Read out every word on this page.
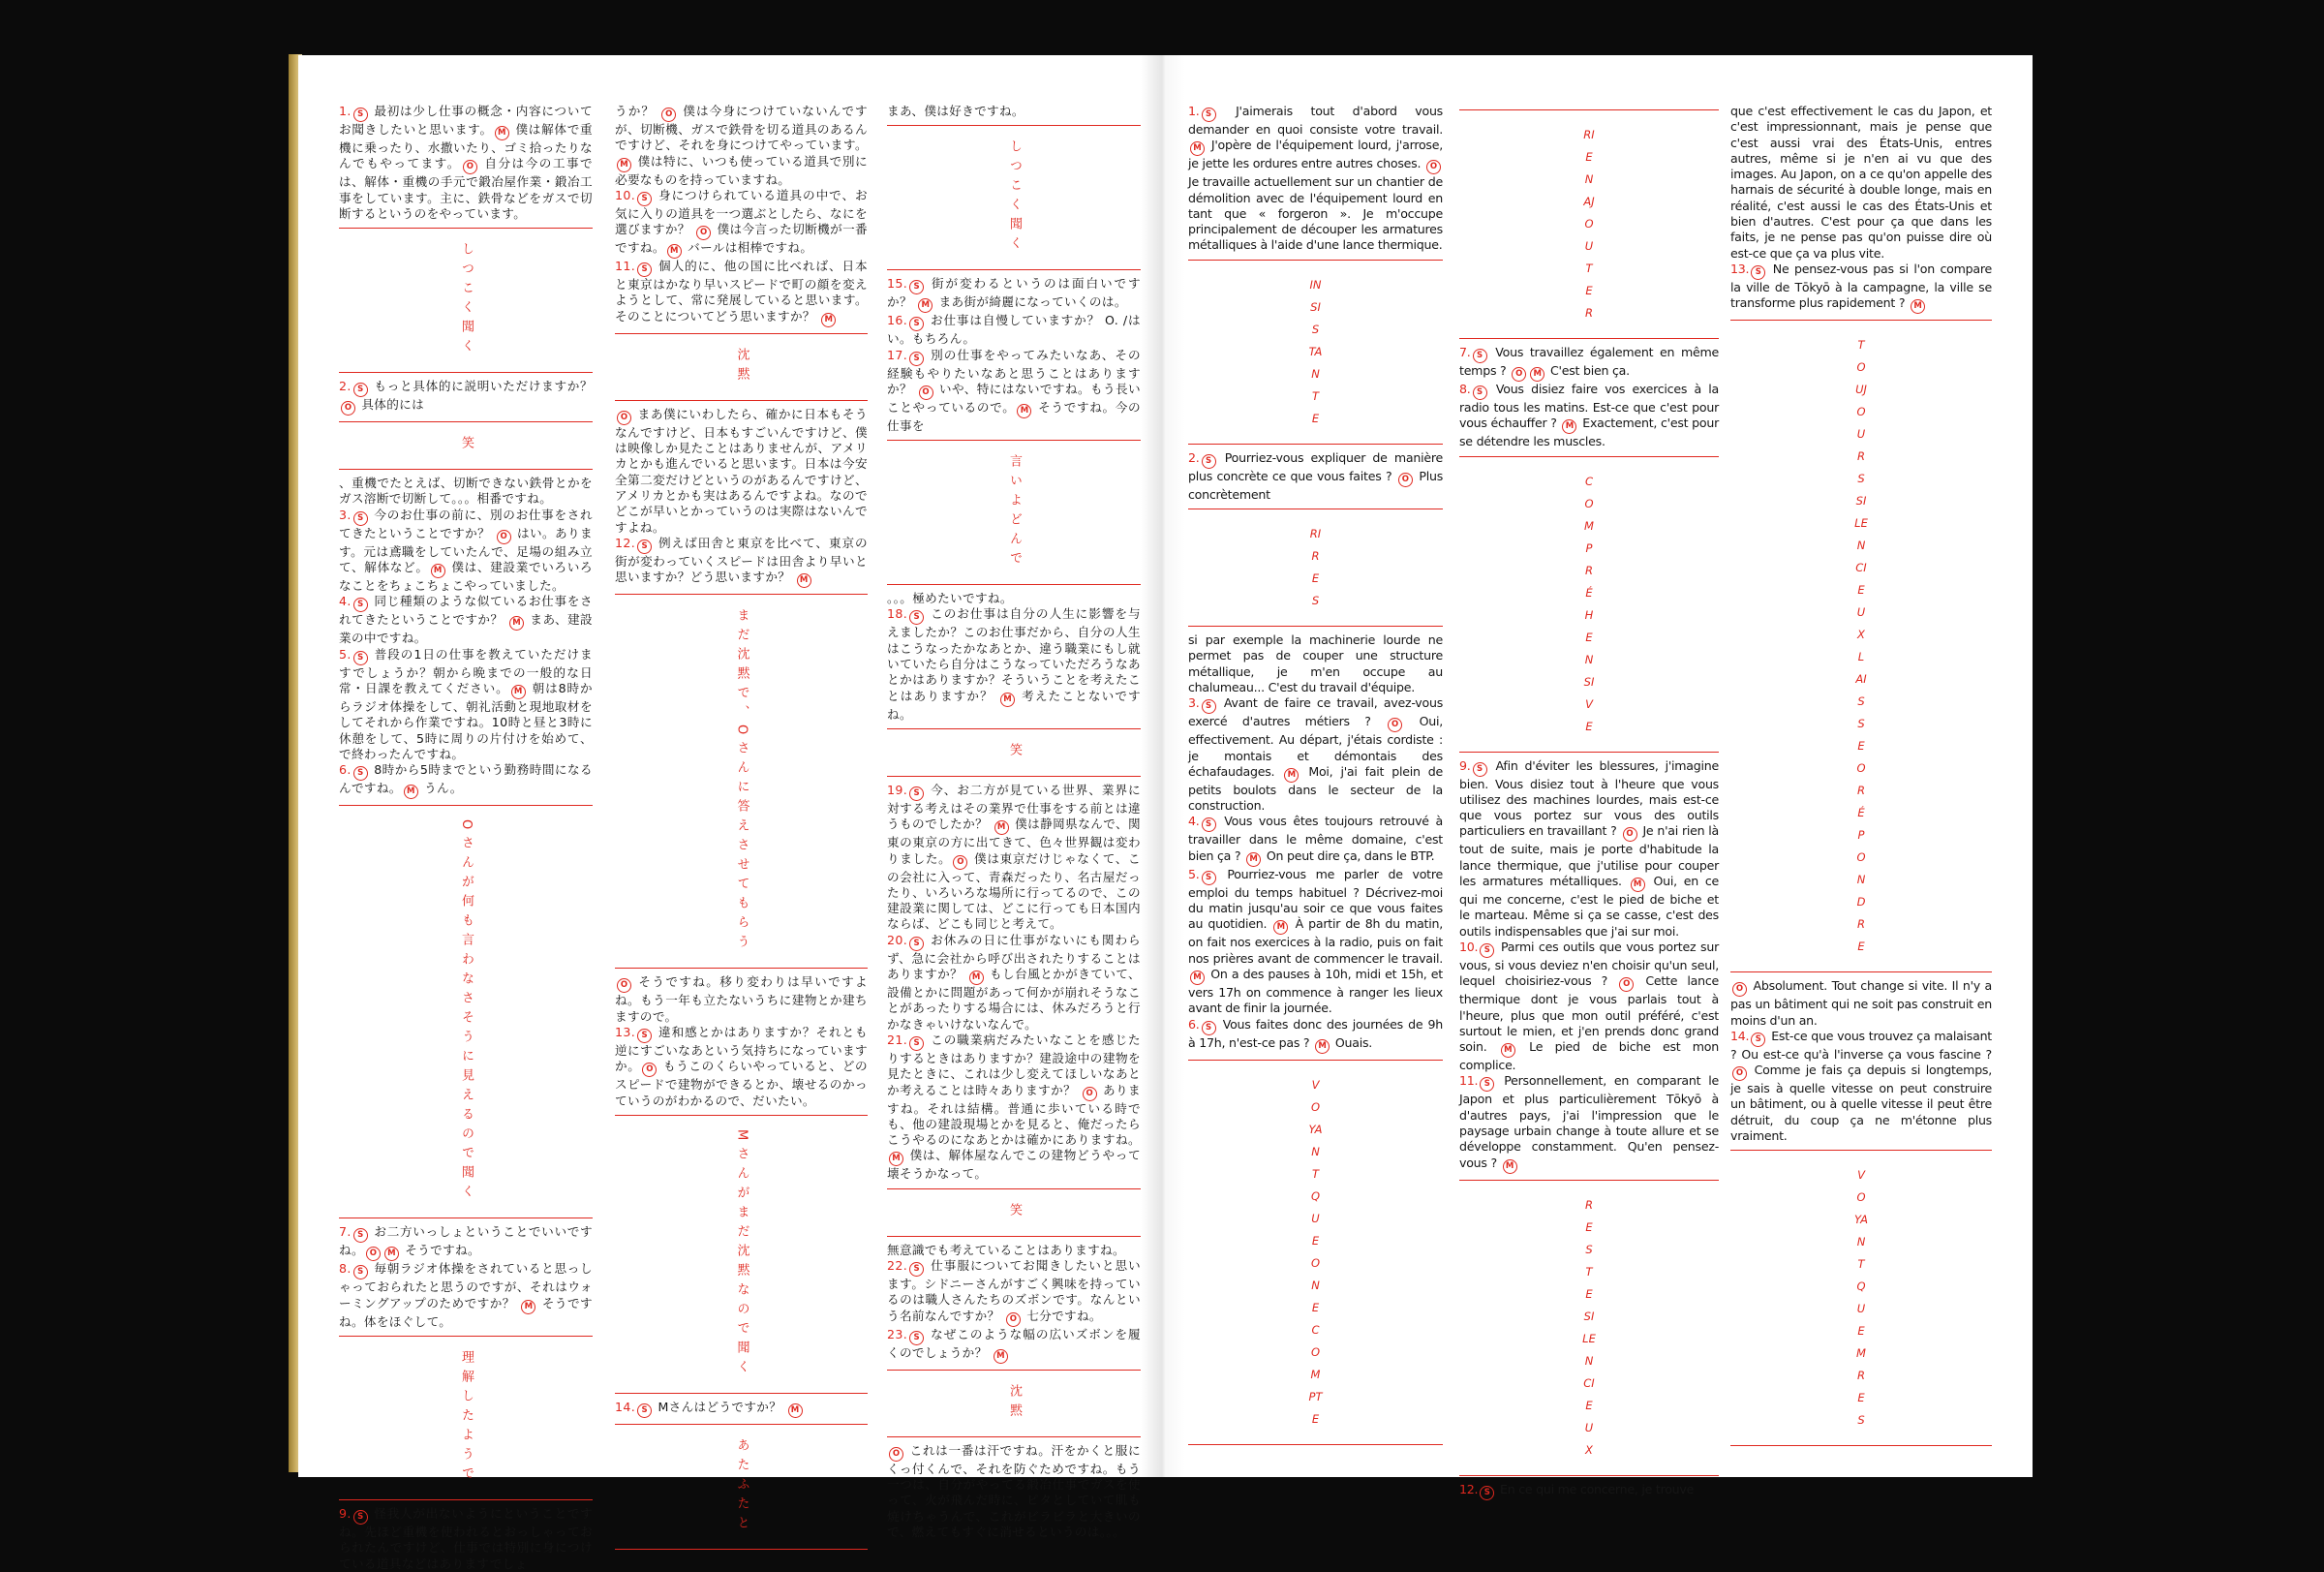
1. S 最初は少し仕事の概念・内容についてお聞きしたいと思います。 M 僕は解体で重機に乗ったり、水撒いたり、ゴミ拾ったりなんでもやってます。 O 自分は今の工事では、解体・重機の手元で鍛冶屋作業・鍛冶工事をしています。主に、鉄骨などをガスで切断するというのをやっています。

しつこく聞く

2. S もっと具体的に説明いただけますか？ O 具体的には

笑

、重機でたとえば、切断できない鉄骨とかをガス溶断で切断して。。。相番ですね。

3. S 今のお仕事の前に、別のお仕事をされてきたということですか？ O はい。あります。元は鳶職をしていたんで、足場の組み立て、解体など。 M 僕は、建設業でいろいろなことをちょこちょこやっていました。

4. S 同じ種類のような似ているお仕事をされてきたということですか？ M まあ、建設業の中ですね。

5. S 普段の1日の仕事を教えていただけますでしょうか？朝から晩までの一般的な日常・日課を教えてください。 M 朝は8時からラジオ体操をして、朝礼活動と現地取材をしてそれから作業ですね。10時と昼と3時に休憩をして、5時に周りの片付けを始めて、で終わったんですね。

6. S 8時から5時までという勤務時間になるんですね。 M うん。

Oさんが何も言わなさそうに見えるので聞く

7. S お二方いっしょということでいいですね。 O M そうですね。

8. S 毎朝ラジオ体操をされていると思っしゃっておられたと思うのですが、それはウォーミングアップのためですか？ M そうですね。体をほぐして。

理解したようで

9. S 怪我人が出ないようにということですね。先ほど重機を使われるとおっしゃっておられたんですけど、仕事では特別に身につけている道具などはありますでしょ

うか？ O 僕は今身につけていないんですが、切断機、ガスで鉄骨を切る道具のあるんですけど、それを身につけてやっています。M 僕は特に、いつも使っている道具で別に必要なものを持っていますね。

10. S 身につけられている道具の中で、お気に入りの道具を一つ選ぶとしたら、なにを選びますか？ O 僕は今言った切断機が一番ですね。 M バールは相棒ですね。

11. S 個人的に、他の国に比べれば、日本と東京はかなり早いスピードで町の顔を変えようとして、常に発展していると思います。そのことについてどう思いますか？ M

沈黙

O まあ僕にいわしたら、確かに日本もそうなんですけど、日本もすごいんですけど、僕は映像しか見たことはありませんが、アメリカとかも進んでいると思います。日本は今安全第二変だけどというのがあるんですけど、アメリカとかも実はあるんですよね。なのでどこが早いとかっていうのは実際はないんですよね。

12. S 例えば田舎と東京を比べて、東京の街が変わっていくスピードは田舎より早いと思いますか？どう思いますか？ M

まだ沈黙で、Oさんに答えさせてもらう

O そうですね。移り変わりは早いですよね。もう一年も立たないうちに建物とか建ちますので。

13. S 違和感とかはありますか？それとも逆にすごいなあという気持ちになっていますか。 O もうこのくらいやっていると、どのスピードで建物ができるとか、壊せるのかっていうのがわかるので、だいたい。

Mさんがまだ沈黙なので聞く

14. S Mさんはどうですか？ M

あたふたと

まあ、僕は好きですね。

しつこく聞く

15. S 街が変わるというのは面白いですか？ M まあ街が綺麗になっていくのは。

16. S お仕事は自慢していますか？ O. /はい。もちろん。

17. S 別の仕事をやってみたいなあ、その経験もやりたいなあと思うことはありますか？ O いや、特にはないですね。もう長いことやっているので。 M そうですね。今の仕事を

言いよどんで

。。。極めたいですね。

18. S このお仕事は自分の人生に影響を与えましたか？このお仕事だから、自分の人生はこうなったかなあとか、違う職業にもし就いていたら自分はこうなっていただろうなあとかはありますか？そういうことを考えたことはありますか？ M 考えたことないですね。

笑

19. S 今、お二方が見ている世界、業界に対する考えはその業界で仕事をする前とは違うものでしたか？ M 僕は静岡県なんで、関東の東京の方に出てきて、色々世界観は変わりました。 O 僕は東京だけじゃなくて、この会社に入って、青森だったり、名古屋だったり、いろいろな場所に行ってるので、この建設業に関しては、どこに行っても日本国内ならば、どこも同じと考えて。

20. S お休みの日に仕事がないにも関わらず、急に会社から呼び出されたりすることはありますか？ M もし台風とかがきていて、設備とかに問題があって何かが崩れそうなことがあったりする場合には、休みだろうと行かなきゃいけないなんで。

21. S この職業病だみたいなことを感じたりするときはありますか？建設途中の建物を見たときに、これは少し変えてほしいなあとか考えることは時々ありますか？ O ありますね。それは結構。普通に歩いている時でも、他の建設現場とかを見ると、俺だったらこうやるのになあとかは確かにありますね。M 僕は、解体屋なんでこの建物どうやって壊そうかなって。

笑

無意識でも考えていることはありますね。

22. S 仕事服についてお聞きしたいと思います。シドニーさんがすごく興味を持っているのは職人さんたちのズボンです。なんという名前なんですか？ O 七分ですね。

23. S なぜこのような幅の広いズボンを履くのでしょうか？ M

沈黙

O これは一番は汗ですね。汗をかくと服にくっ付くんで、それを防ぐためですね。もう一つは、自分がやってる鍛冶仕事でガスを使って、火が飛んだ時に、ピタとしていて肌も焼けちゃうんで、これがビラビラと大きいので、燃えてもすぐに消せるというのは。。。

1. S J'aimerais tout d'abord vous demander en quoi consiste votre travail. M J'opère de l'équipement lourd, j'arrose, je jette les ordures entre autres choses. O Je travaille actuellement sur un chantier de démolition avec de l'équipement lourd en tant que « forgeron ». Je m'occupe principalement de découper les armatures métalliques à l'aide d'une lance thermique.

INSISTANTE

2. S Pourriez-vous expliquer de manière plus concrète ce que vous faites ? O Plus concrètement

RIRES

si par exemple la machinerie lourde ne permet pas de couper une structure métallique, je m'en occupe au chalumeau... C'est du travail d'équipe.

3. S Avant de faire ce travail, avez-vous exercé d'autres métiers ? O Oui, effectivement. Au départ, j'étais cordiste : je montais et démontais des échafaudages. M Moi, j'ai fait plein de petits boulots dans le secteur de la construction.

4. S Vous vous êtes toujours retrouvé à travailler dans le même domaine, c'est bien ça ? M On peut dire ça, dans le BTP.

5. S Pourriez-vous me parler de votre emploi du temps habituel ? Décrivez-moi du matin jusqu'au soir ce que vous faites au quotidien. M À partir de 8h du matin, on fait nos exercices à la radio, puis on fait nos prières avant de commencer le travail. M On a des pauses à 10h, midi et 15h, et vers 17h on commence à ranger les lieux avant de finir la journée.

6. S Vous faites donc des journées de 9h à 17h, n'est-ce pas ? M Ouais.

VOYANT QUE O NE COMPTE
RIEN AJOUTER

7. S Vous travaillez également en même temps ? O M C'est bien ça.

8. S Vous disiez faire vos exercices à la radio tous les matins. Est-ce que c'est pour vous échauffer ? M Exactement, c'est pour se détendre les muscles.

COMPRÉHENSIVE

9. S Afin d'éviter les blessures, j'imagine bien. Vous disiez tout à l'heure que vous utilisez des machines lourdes, mais est-ce que vous portez sur vous des outils particuliers en travaillant ? O Je n'ai rien là tout de suite, mais je porte d'habitude la lance thermique, que j'utilise pour couper les armatures métalliques. M Oui, en ce qui me concerne, c'est le pied de biche et le marteau. Même si ça se casse, c'est des outils indispensables que j'ai sur moi.

10. S Parmi ces outils que vous portez sur vous, si vous deviez n'en choisir qu'un seul, lequel choisiriez-vous ? O Cette lance thermique dont je vous parlais tout à l'heure, plus que mon outil préféré, c'est surtout le mien, et j'en prends donc grand soin. M Le pied de biche est mon complice.

11. S Personnellement, en comparant le Japon et plus particulièrement Tōkyō à d'autres pays, j'ai l'impression que le paysage urbain change à toute allure et se développe constamment. Qu'en pensez-vous ? M

RESTE SILENCIEUX

12. S En ce qui me concerne, je trouve

que c'est effectivement le cas du Japon, et c'est impressionnant, mais je pense que c'est aussi vrai des États-Unis, entres autres, même si je n'en ai vu que des images. Au Japon, on a ce qu'on appelle des harnais de sécurité à double longe, mais en réalité, c'est aussi le cas des États-Unis et bien d'autres. C'est pour ça que dans les faits, je ne pense pas qu'on puisse dire où est-ce que ça va plus vite.

13. S Ne pensez-vous pas si l'on compare la ville de Tōkyō à la campagne, la ville se transforme plus rapidement ? M

TOUJOURS SILENCIEUX LAISSE O RÉPONDRE

O Absolument. Tout change si vite. Il n'y a pas un bâtiment qui ne soit pas construit en moins d'un an.

14. S Est-ce que vous trouvez ça malaisant ? Ou est-ce qu'à l'inverse ça vous fascine ? O Comme je fais ça depuis si longtemps, je sais à quelle vitesse on peut construire un bâtiment, ou à quelle vitesse il peut être détruit, du coup ça ne m'étonne plus vraiment.

VOYANT QUE M RES
